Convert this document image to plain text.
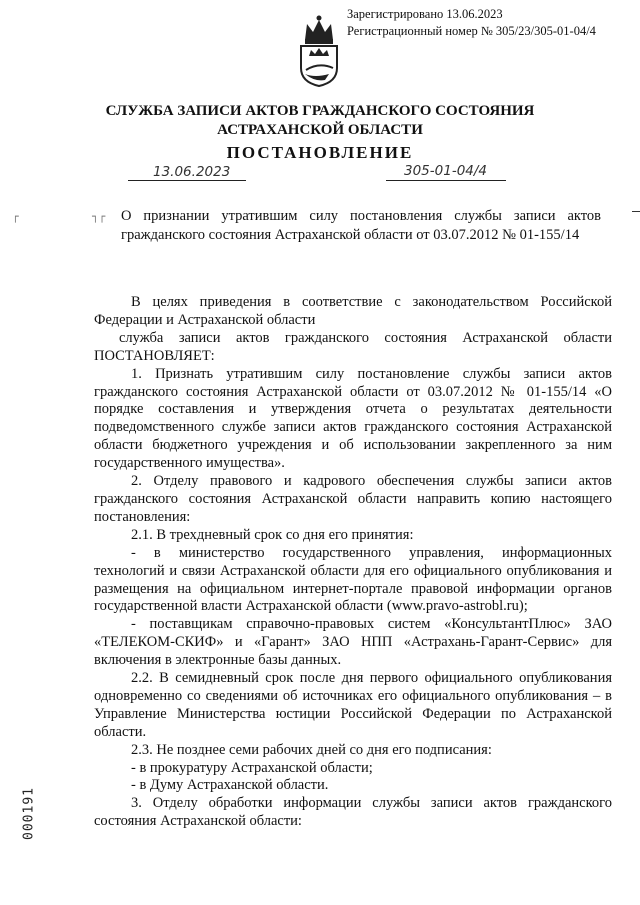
Зарегистрировано 13.06.2023
Регистрационный номер № 305/23/305-01-04/4
СЛУЖБА ЗАПИСИ АКТОВ ГРАЖДАНСКОГО СОСТОЯНИЯ
АСТРАХАНСКОЙ ОБЛАСТИ
ПОСТАНОВЛЕНИЕ
13.06.2023	305-01-04/4
┌	┐┌ О признании утратившим силу постановления службы записи актов гражданского состояния Астраханской области от 03.07.2012 № 01-155/14

В целях приведения в соответствие с законодательством Российской Федерации и Астраханской области

служба записи актов гражданского состояния Астраханской области ПОСТАНОВЛЯЕТ:

1. Признать утратившим силу постановление службы записи актов гражданского состояния Астраханской области от 03.07.2012 № 01-155/14 «О порядке составления и утверждения отчета о результатах деятельности подведомственного службе записи актов гражданского состояния Астраханской области бюджетного учреждения и об использовании закрепленного за ним государственного имущества».

2. Отделу правового и кадрового обеспечения службы записи актов гражданского состояния Астраханской области направить копию настоящего постановления:

2.1. В трехдневный срок со дня его принятия:

- в министерство государственного управления, информационных технологий и связи Астраханской области для его официального опубликования и размещения на официальном интернет-портале правовой информации органов государственной власти Астраханской области (www.pravo-astrobl.ru);

- поставщикам справочно-правовых систем «КонсультантПлюс» ЗАО «ТЕЛЕКОМ-СКИФ» и «Гарант» ЗАО НПП «Астрахань-Гарант-Сервис» для включения в электронные базы данных.

2.2. В семидневный срок после дня первого официального опубликования одновременно со сведениями об источниках его официального опубликования – в Управление Министерства юстиции Российской Федерации по Астраханской области.

2.3. Не позднее семи рабочих дней со дня его подписания:

- в прокуратуру Астраханской области;

- в Думу Астраханской области.

3. Отделу обработки информации службы записи актов гражданского состояния Астраханской области:

000191
